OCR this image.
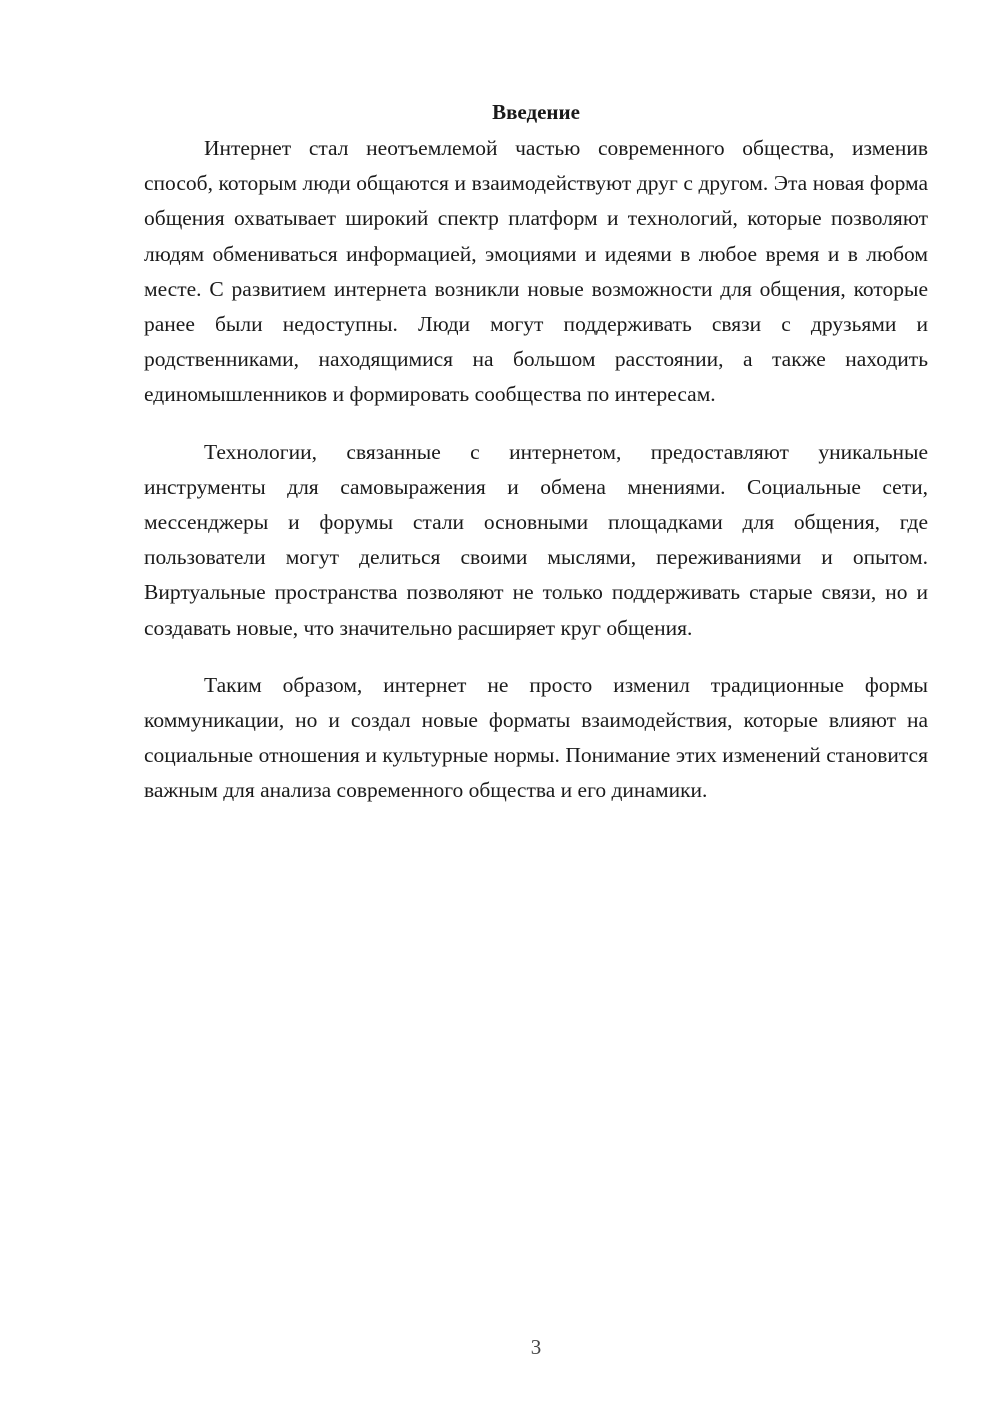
Введение

Интернет стал неотъемлемой частью современного общества, изменив способ, которым люди общаются и взаимодействуют друг с другом. Эта новая форма общения охватывает широкий спектр платформ и технологий, которые позволяют людям обмениваться информацией, эмоциями и идеями в любое время и в любом месте. С развитием интернета возникли новые возможности для общения, которые ранее были недоступны. Люди могут поддерживать связи с друзьями и родственниками, находящимися на большом расстоянии, а также находить единомышленников и формировать сообщества по интересам.

Технологии, связанные с интернетом, предоставляют уникальные инструменты для самовыражения и обмена мнениями. Социальные сети, мессенджеры и форумы стали основными площадками для общения, где пользователи могут делиться своими мыслями, переживаниями и опытом. Виртуальные пространства позволяют не только поддерживать старые связи, но и создавать новые, что значительно расширяет круг общения.

Таким образом, интернет не просто изменил традиционные формы коммуникации, но и создал новые форматы взаимодействия, которые влияют на социальные отношения и культурные нормы. Понимание этих изменений становится важным для анализа современного общества и его динамики.

3
